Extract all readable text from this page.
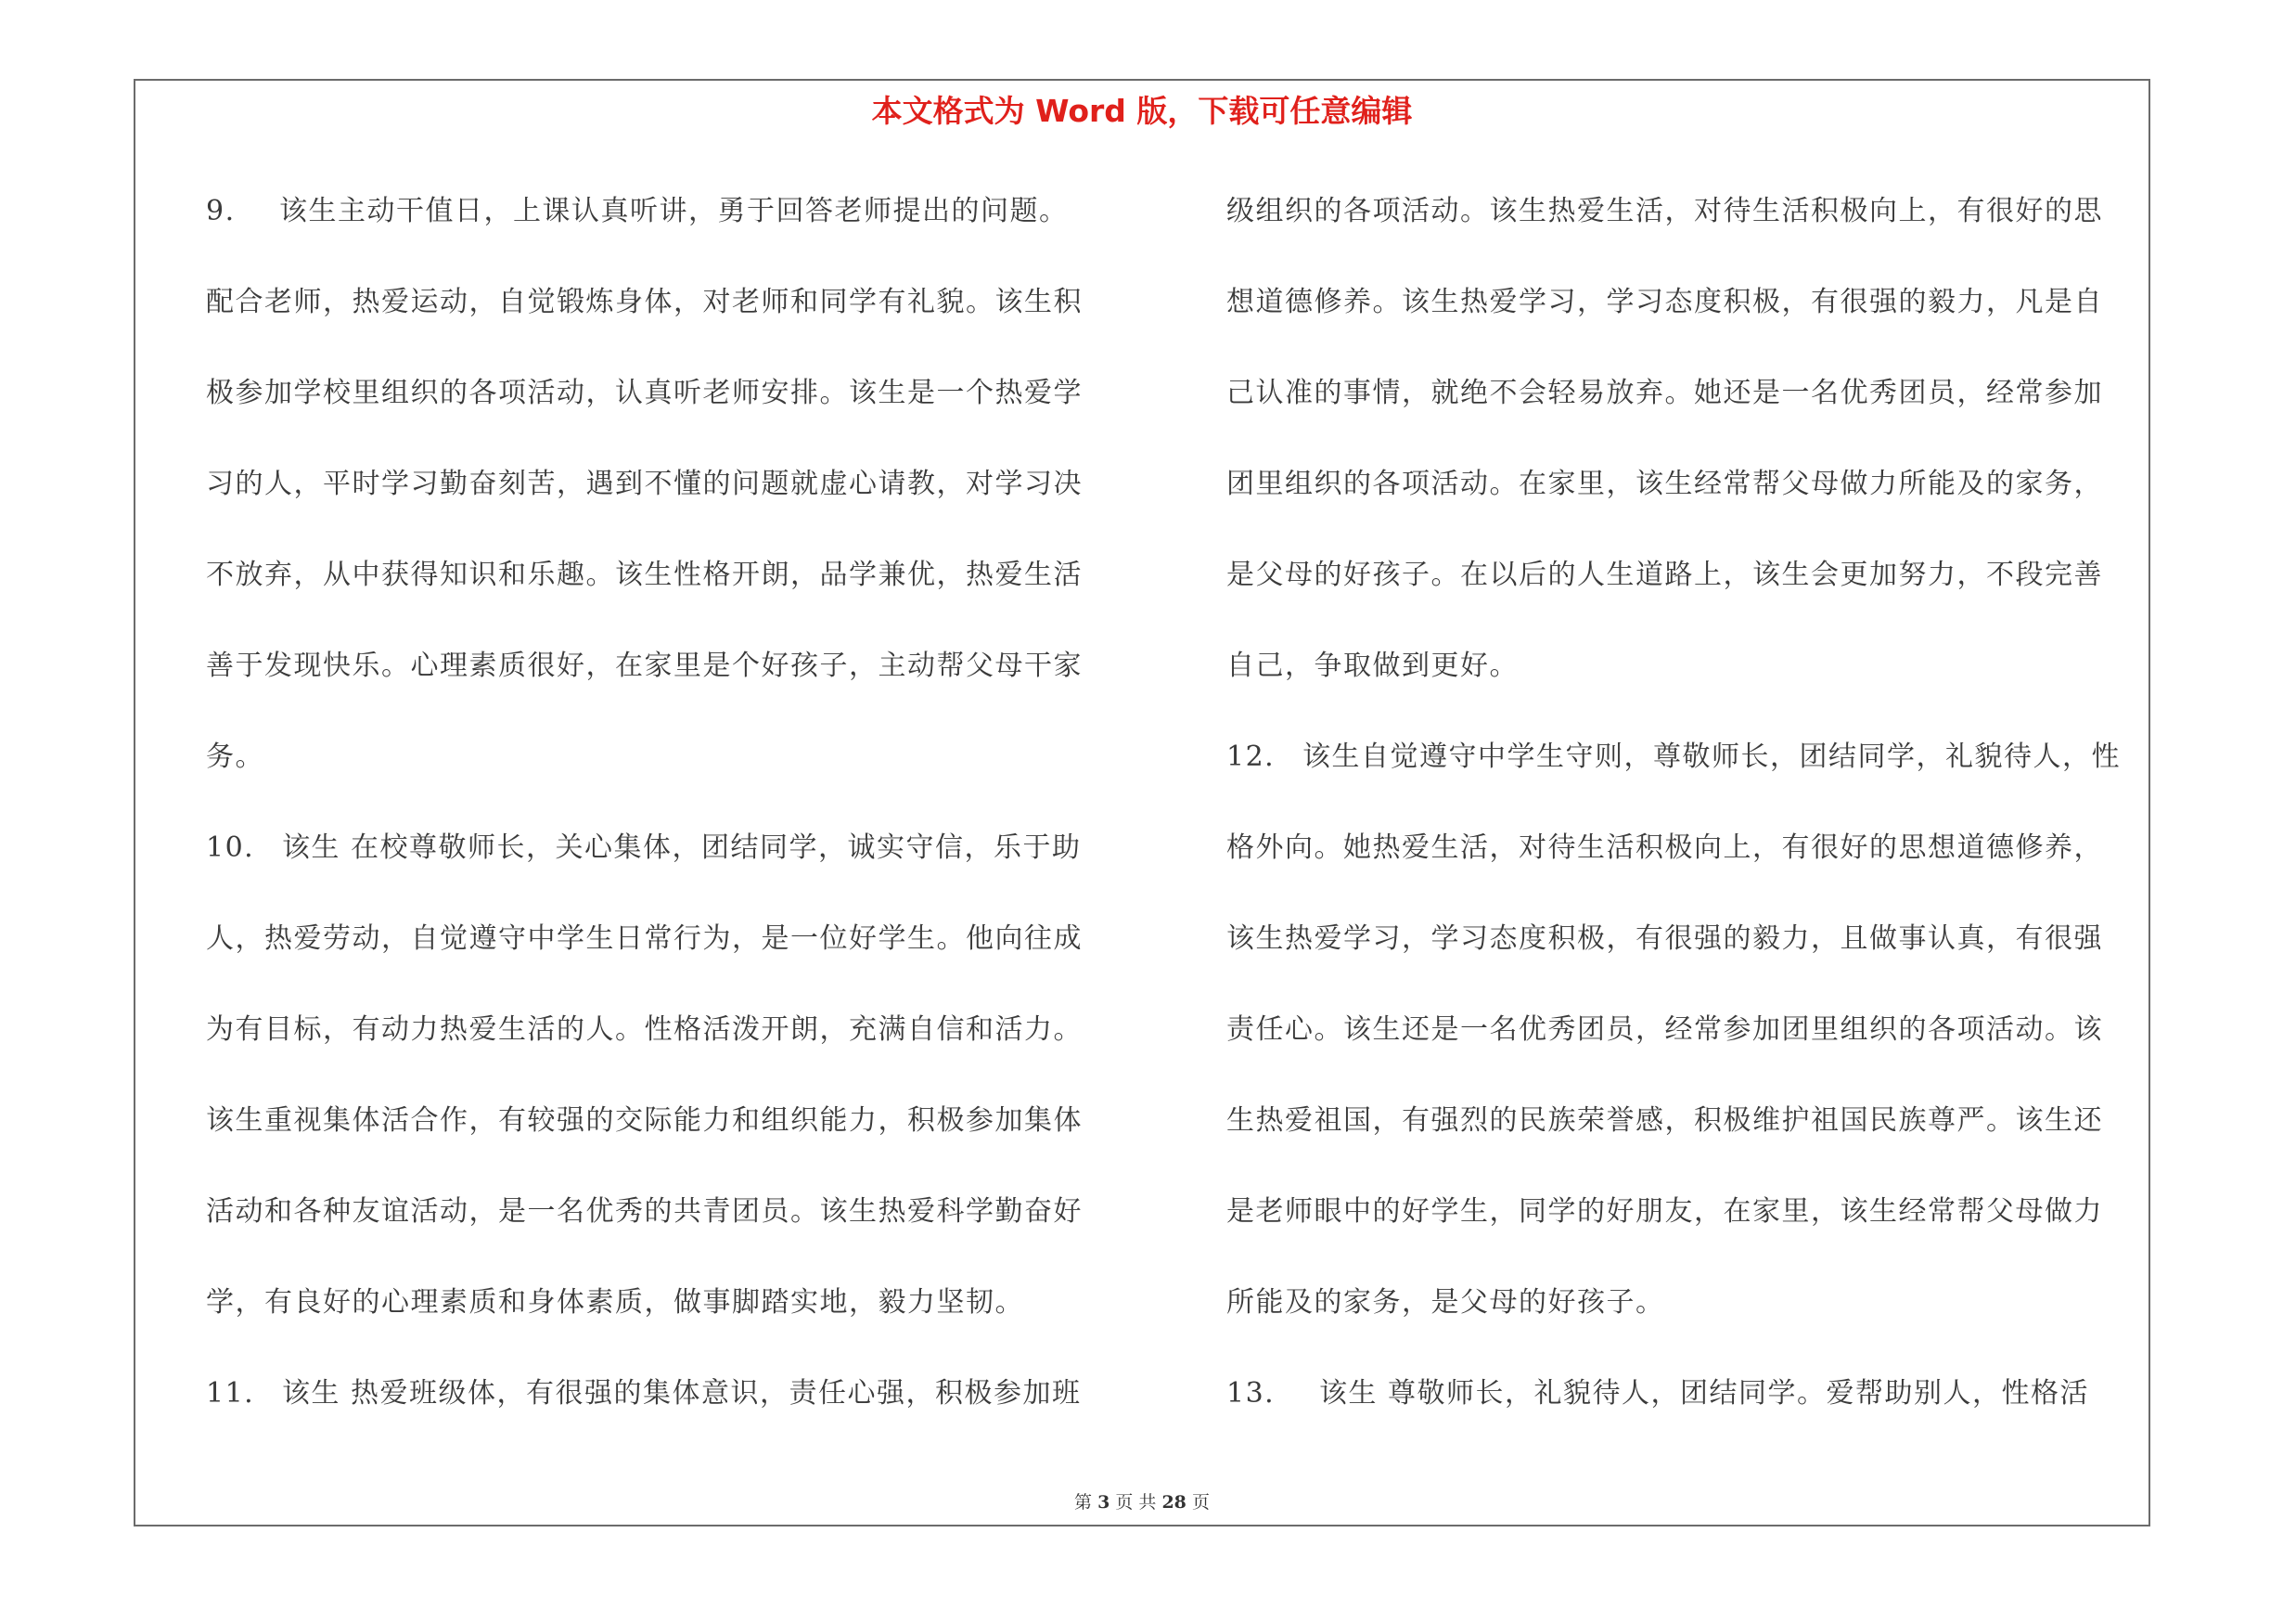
本文格式为 Word 版，下载可任意编辑
9. 该生主动干值日，上课认真听讲，勇于回答老师提出的问题。
配合老师，热爱运动，自觉锻炼身体，对老师和同学有礼貌。该生积
极参加学校里组织的各项活动，认真听老师安排。该生是一个热爱学
习的人，平时学习勤奋刻苦，遇到不懂的问题就虚心请教，对学习决
不放弃，从中获得知识和乐趣。该生性格开朗，品学兼优，热爱生活
善于发现快乐。心理素质很好，在家里是个好孩子，主动帮父母干家
务。
10. 该生 在校尊敬师长，关心集体，团结同学，诚实守信，乐于助
人，热爱劳动，自觉遵守中学生日常行为，是一位好学生。他向往成
为有目标，有动力热爱生活的人。性格活泼开朗，充满自信和活力。
该生重视集体活合作，有较强的交际能力和组织能力，积极参加集体
活动和各种友谊活动，是一名优秀的共青团员。该生热爱科学勤奋好
学，有良好的心理素质和身体素质，做事脚踏实地，毅力坚韧。
11. 该生 热爱班级体，有很强的集体意识，责任心强，积极参加班
级组织的各项活动。该生热爱生活，对待生活积极向上，有很好的思
想道德修养。该生热爱学习，学习态度积极，有很强的毅力，凡是自
己认准的事情，就绝不会轻易放弃。她还是一名优秀团员，经常参加
团里组织的各项活动。在家里，该生经常帮父母做力所能及的家务，
是父母的好孩子。在以后的人生道路上，该生会更加努力，不段完善
自己，争取做到更好。
12. 该生自觉遵守中学生守则，尊敬师长，团结同学，礼貌待人，性
格外向。她热爱生活，对待生活积极向上，有很好的思想道德修养，
该生热爱学习，学习态度积极，有很强的毅力，且做事认真，有很强
责任心。该生还是一名优秀团员，经常参加团里组织的各项活动。该
生热爱祖国，有强烈的民族荣誉感，积极维护祖国民族尊严。该生还
是老师眼中的好学生，同学的好朋友，在家里，该生经常帮父母做力
所能及的家务，是父母的好孩子。
13. 该生 尊敬师长，礼貌待人，团结同学。爱帮助别人，性格活
第 3 页 共 28 页
